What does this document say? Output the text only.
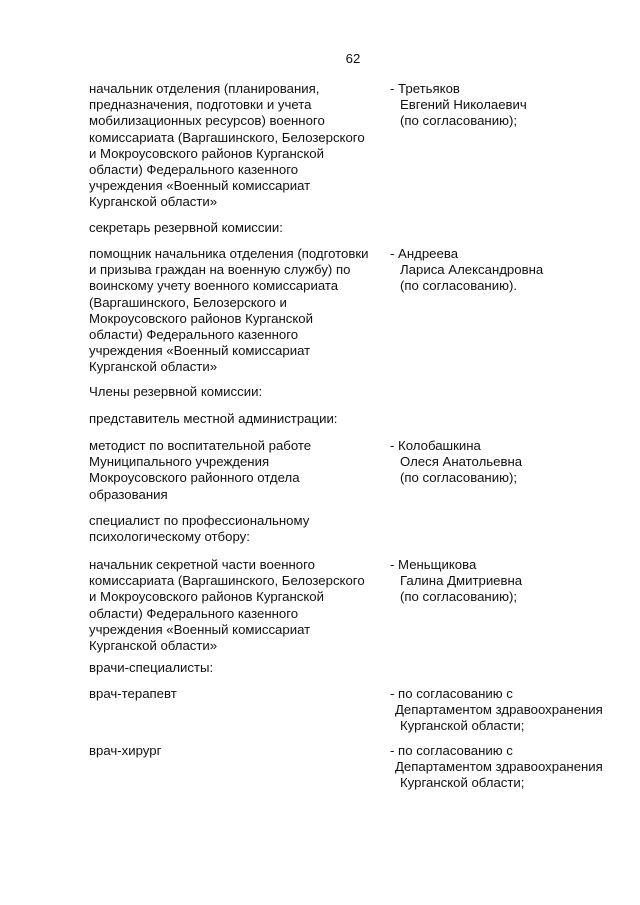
62
начальник отделения (планирования,
предназначения, подготовки и учета
мобилизационных ресурсов) военного
комиссариата (Варгашинского, Белозерского
и Мокроусовского районов Курганской
области) Федерального казенного
учреждения «Военный комиссариат
Курганской области»
- Третьяков
Евгений Николаевич
(по согласованию);
секретарь резервной комиссии:
помощник начальника отделения (подготовки
и призыва граждан на военную службу) по
воинскому учету военного комиссариата
(Варгашинского, Белозерского и
Мокроусовского районов Курганской
области) Федерального казенного
учреждения «Военный комиссариат
Курганской области»
- Андреева
Лариса Александровна
(по согласованию).
Члены резервной комиссии:
представитель местной администрации:
методист по воспитательной работе
Муниципального учреждения
Мокроусовского районного отдела
образования
- Колобашкина
Олеся Анатольевна
(по согласованию);
специалист по профессиональному
психологическому отбору:
начальник секретной части военного
комиссариата (Варгашинского, Белозерского
и Мокроусовского районов Курганской
области) Федерального казенного
учреждения «Военный комиссариат
Курганской области»
- Меньщикова
Галина Дмитриевна
(по согласованию);
врачи-специалисты:
врач-терапевт	- по согласованию с
Департаментом здравоохранения
Курганской области;
врач-хирург	- по согласованию с
Департаментом здравоохранения
Курганской области;
